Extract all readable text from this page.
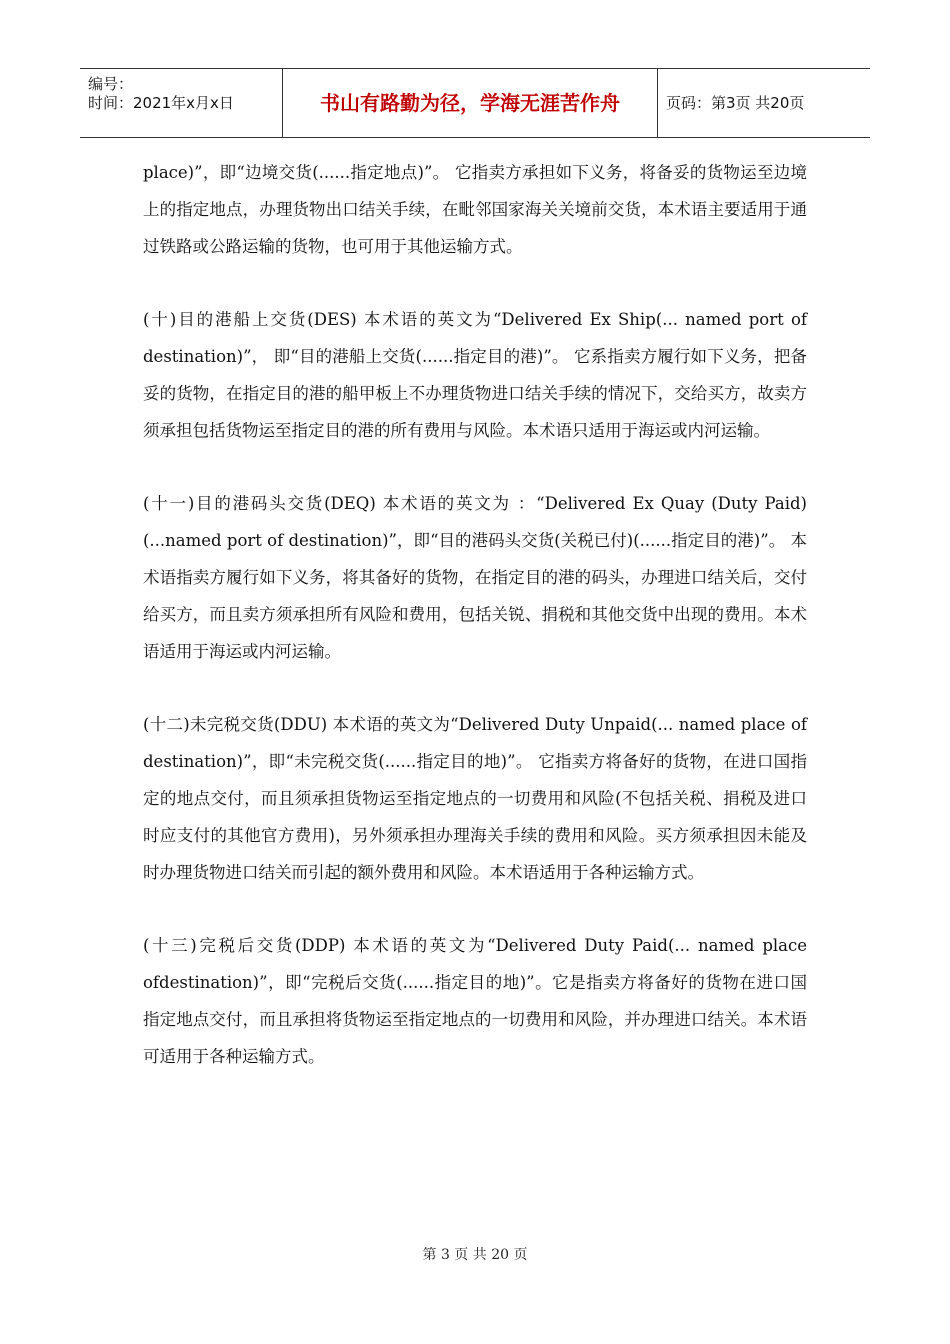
编号：
时间：2021年x月x日	书山有路勤为径，学海无涯苦作舟	页码：第3页 共20页

place)”，即“边境交货(......指定地点)”。 它指卖方承担如下义务，将备妥的货物运至边境上的指定地点，办理货物出口结关手续，在毗邻国家海关关境前交货，本术语主要适用于通过铁路或公路运输的货物，也可用于其他运输方式。

(十)目的港船上交货(DES) 本术语的英文为“Delivered Ex Ship(... named port of destination)”， 即“目的港船上交货(......指定目的港)”。 它系指卖方履行如下义务，把备妥的货物，在指定目的港的船甲板上不办理货物进口结关手续的情况下，交给买方，故卖方须承担包括货物运至指定目的港的所有费用与风险。本术语只适用于海运或内河运输。

(十一)目的港码头交货(DEQ) 本术语的英文为 ：“Delivered Ex Quay (Duty Paid)(...named port of destination)”，即“目的港码头交货(关税已付)(......指定目的港)”。 本术语指卖方履行如下义务，将其备好的货物，在指定目的港的码头，办理进口结关后，交付给买方，而且卖方须承担所有风险和费用，包括关锐、捐税和其他交货中出现的费用。本术语适用于海运或内河运输。

(十二)未完税交货(DDU) 本术语的英文为“Delivered Duty Unpaid(... named place of destination)”，即“未完税交货(......指定目的地)”。 它指卖方将备好的货物，在进口国指定的地点交付，而且须承担货物运至指定地点的一切费用和风险(不包括关税、捐税及进口时应支付的其他官方费用)，另外须承担办理海关手续的费用和风险。买方须承担因未能及时办理货物进口结关而引起的额外费用和风险。本术语适用于各种运输方式。

(十三)完税后交货(DDP) 本术语的英文为“Delivered Duty Paid(... named place ofdestination)”，即“完税后交货(......指定目的地)”。它是指卖方将备好的货物在进口国指定地点交付，而且承担将货物运至指定地点的一切费用和风险，并办理进口结关。本术语可适用于各种运输方式。

第 3 页 共 20 页
